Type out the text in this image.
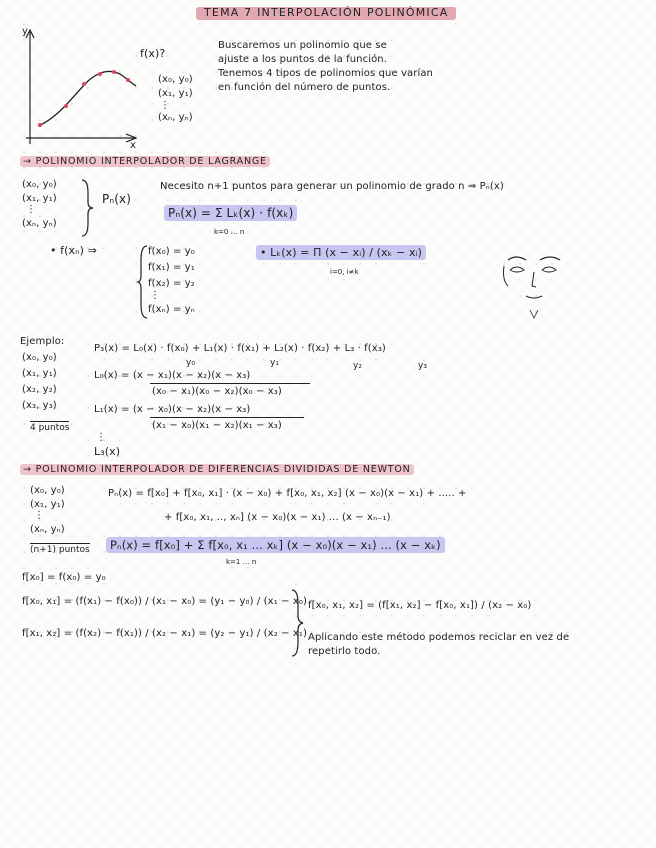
TEMA 7 INTERPOLACIÓN POLINÓMICA
y
x
f(x)?
(x₀, y₀)
(x₁, y₁)
⋮
(xₙ, yₙ)
Buscaremos un polinomio que se
ajuste a los puntos de la función.
Tenemos 4 tipos de polinomios que varían
en función del número de puntos.
→ POLINOMIO INTERPOLADOR DE LAGRANGE
(x₀, y₀)
(x₁, y₁)
⋮
(xₙ, yₙ)
Pₙ(x)
Necesito n+1 puntos para generar un polinomio de grado n ⇒ Pₙ(x)
Pₙ(x) = Σ Lₖ(x) · f(xₖ)
k=0 … n
• f(xₙ) ⇒	f(x₀) = y₀
f(x₁) = y₁
f(x₂) = y₂
⋮
f(xₙ) = yₙ
• Lₖ(x) = Π (x − xᵢ) / (xₖ − xᵢ)
i=0, i≠k
Ejemplo:
(x₀, y₀)
(x₁, y₁)
(x₂, y₂)
(x₃, y₃)
4 puntos
P₃(x) = L₀(x) · f(x₀) + L₁(x) · f(x₁) + L₂(x) · f(x₂) + L₃ · f(x₃)
y₀	y₁	y₂	y₃
L₀(x) = (x − x₁)(x − x₂)(x − x₃)
(x₀ − x₁)(x₀ − x₂)(x₀ − x₃)
L₁(x) = (x − x₀)(x − x₂)(x − x₃)
(x₁ − x₀)(x₁ − x₂)(x₁ − x₃)
⋮
L₃(x)
→ POLINOMIO INTERPOLADOR DE DIFERENCIAS DIVIDIDAS DE NEWTON
(x₀, y₀)
(x₁, y₁)
⋮
(xₙ, yₙ)
(n+1) puntos
Pₙ(x) = f[x₀] + f[x₀, x₁] · (x − x₀) + f[x₀, x₁, x₂] (x − x₀)(x − x₁) + ..... +
+ f[x₀, x₁, .., xₙ] (x − x₀)(x − x₁) ... (x − xₙ₋₁)
Pₙ(x) = f[x₀] + Σ f[x₀, x₁ ... xₖ] (x − x₀)(x − x₁) ... (x − xₖ)
k=1 … n
f[x₀] = f(x₀) = y₀
f[x₀, x₁] = (f(x₁) − f(x₀)) / (x₁ − x₀) = (y₁ − y₀) / (x₁ − x₀)
f[x₁, x₂] = (f(x₂) − f(x₁)) / (x₂ − x₁) = (y₂ − y₁) / (x₂ − x₁)
f[x₀, x₁, x₂] = (f[x₁, x₂] − f[x₀, x₁]) / (x₂ − x₀)
Aplicando este método podemos reciclar en vez de
repetirlo todo.
